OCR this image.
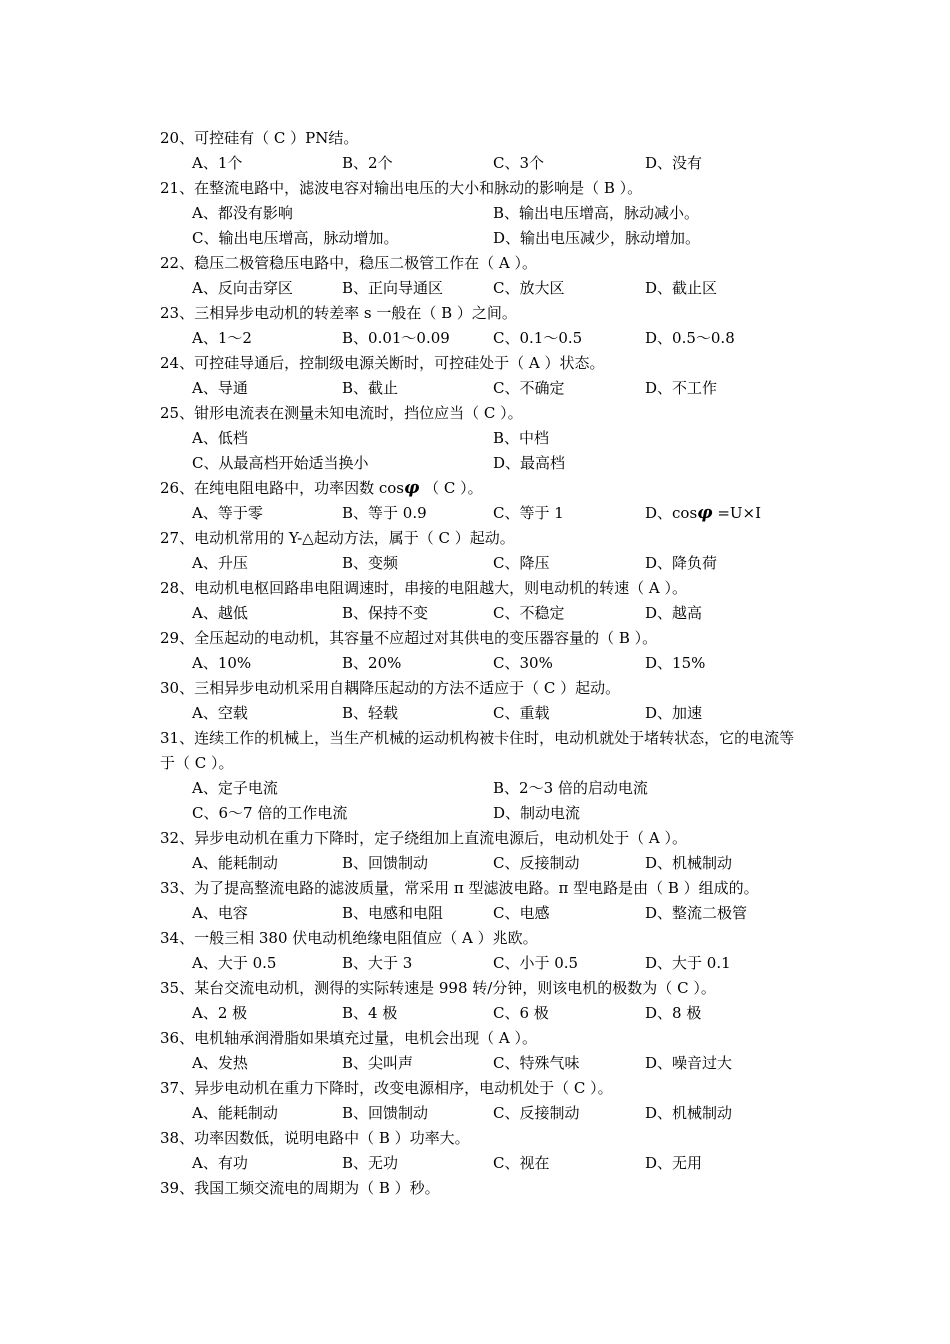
20、可控硅有（ C ）PN结。
A、1个	B、2个	C、3个	D、没有
21、在整流电路中，滤波电容对输出电压的大小和脉动的影响是（ B ）。
A、都没有影响	B、输出电压增高，脉动减小。
C、输出电压增高，脉动增加。	D、输出电压减少，脉动增加。
22、稳压二极管稳压电路中，稳压二极管工作在（ A ）。
A、反向击穿区	B、正向导通区	C、放大区	D、截止区
23、三相异步电动机的转差率 s 一般在（ B ）之间。
A、1～2	B、0.01～0.09	C、0.1～0.5	D、0.5～0.8
24、可控硅导通后，控制级电源关断时，可控硅处于（ A ）状态。
A、导通	B、截止	C、不确定	D、不工作
25、钳形电流表在测量未知电流时，挡位应当（ C ）。
A、低档	B、中档
C、从最高档开始适当换小	D、最高档
26、在纯电阻电路中，功率因数 cosφ （ C ）。
A、等于零	B、等于 0.9	C、等于 1	D、cosφ =U×I
27、电动机常用的 Y-△起动方法，属于（ C ）起动。
A、升压	B、变频	C、降压	D、降负荷
28、电动机电枢回路串电阻调速时，串接的电阻越大，则电动机的转速（ A ）。
A、越低	B、保持不变	C、不稳定	D、越高
29、全压起动的电动机，其容量不应超过对其供电的变压器容量的（ B ）。
A、10%	B、20%	C、30%	D、15%
30、三相异步电动机采用自耦降压起动的方法不适应于（ C ）起动。
A、空载	B、轻载	C、重载	D、加速
31、连续工作的机械上，当生产机械的运动机构被卡住时，电动机就处于堵转状态，它的电流等于（ C ）。
A、定子电流	B、2～3 倍的启动电流
C、6～7 倍的工作电流	D、制动电流
32、异步电动机在重力下降时，定子绕组加上直流电源后，电动机处于（ A ）。
A、能耗制动	B、回馈制动	C、反接制动	D、机械制动
33、为了提高整流电路的滤波质量，常采用 π 型滤波电路。π 型电路是由（ B ）组成的。
A、电容	B、电感和电阻	C、电感	D、整流二极管
34、一般三相 380 伏电动机绝缘电阻值应（ A ）兆欧。
A、大于 0.5	B、大于 3	C、小于 0.5	D、大于 0.1
35、某台交流电动机，测得的实际转速是 998 转/分钟，则该电机的极数为（ C ）。
A、2 极	B、4 极	C、6 极	D、8 极
36、电机轴承润滑脂如果填充过量，电机会出现（ A ）。
A、发热	B、尖叫声	C、特殊气味	D、噪音过大
37、异步电动机在重力下降时，改变电源相序，电动机处于（ C ）。
A、能耗制动	B、回馈制动	C、反接制动	D、机械制动
38、功率因数低，说明电路中（ B ）功率大。
A、有功	B、无功	C、视在	D、无用
39、我国工频交流电的周期为（ B ）秒。
